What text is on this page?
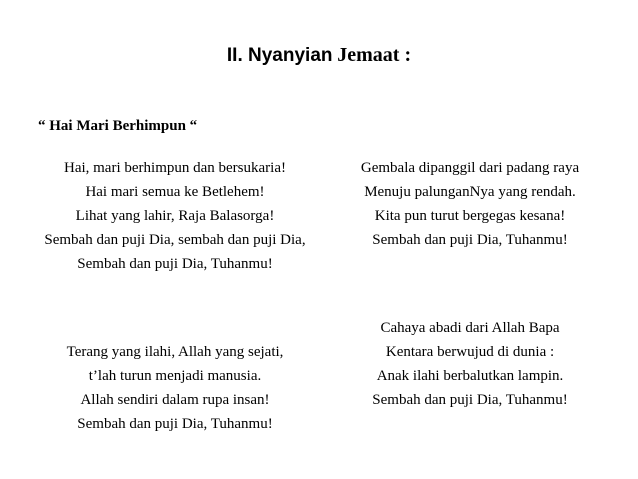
II. Nyanyian Jemaat :
“ Hai Mari Berhimpun “
Hai, mari berhimpun dan bersukaria!
Hai mari semua ke Betlehem!
Lihat yang lahir, Raja Balasorga!
Sembah dan puji Dia, sembah dan puji Dia,
Sembah dan puji Dia, Tuhanmu!
Gembala dipanggil dari padang raya
Menuju palunganNya yang rendah.
Kita pun turut bergegas kesana!
Sembah dan puji Dia, Tuhanmu!
Terang yang ilahi, Allah yang sejati,
t’lah turun menjadi manusia.
Allah sendiri dalam rupa insan!
Sembah dan puji Dia, Tuhanmu!
Cahaya abadi dari Allah Bapa
Kentara berwujud di dunia :
Anak ilahi berbalutkan lampin.
Sembah dan puji Dia, Tuhanmu!
